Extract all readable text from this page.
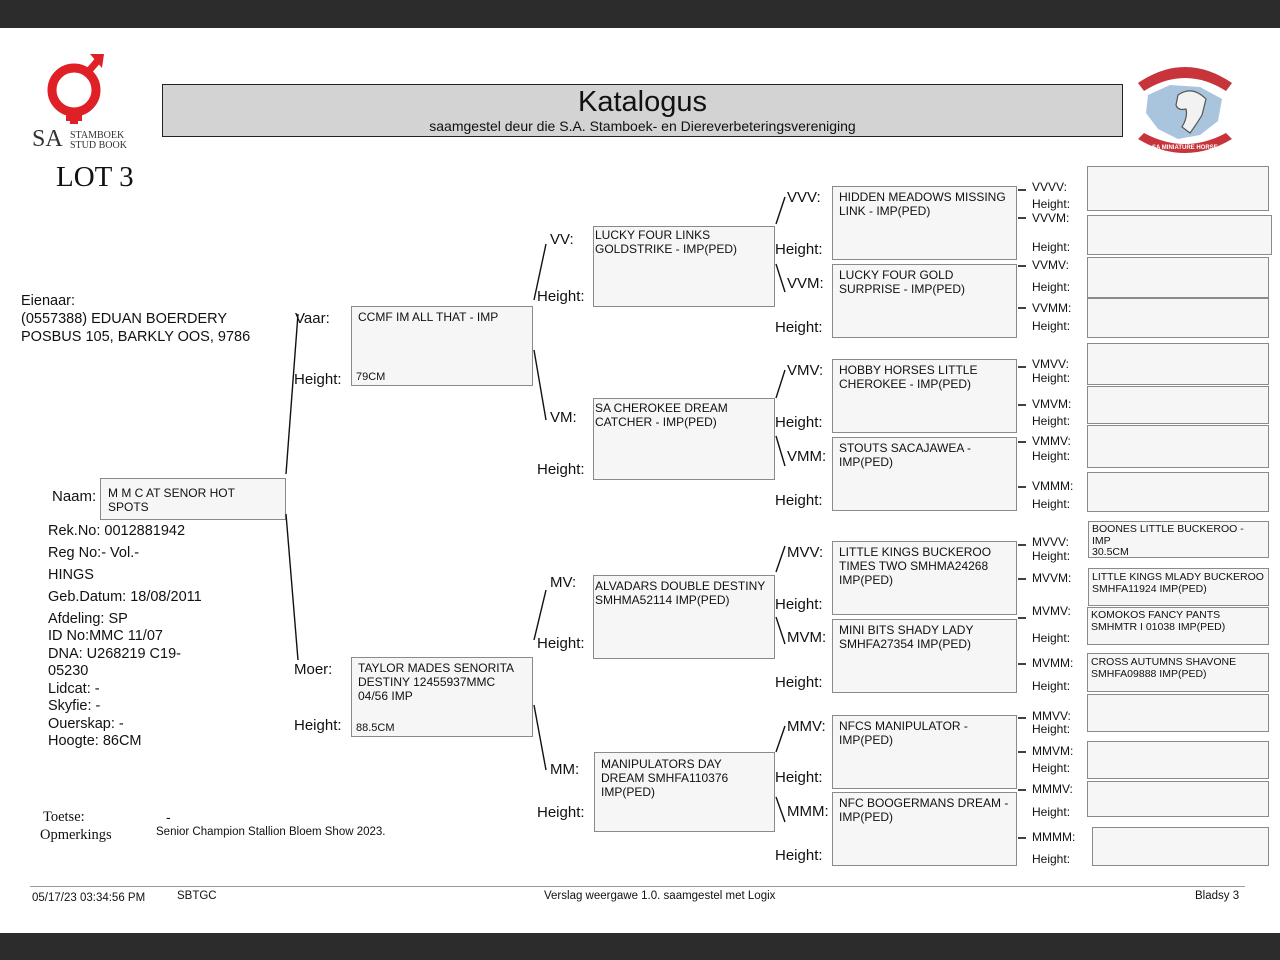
SA STAMBOEK
STUD BOOK
Katalogus
saamgestel deur die S.A. Stamboek- en Diereverbeteringsvereniging
SA MINIATUUR PERD
SA MINIATURE HORSE
LOT 3
Eienaar:
(0557388) EDUAN BOERDERY
POSBUS 105, BARKLY OOS, 9786
Naam: M M C AT SENOR HOT SPOTS
Rek.No: 0012881942
Reg No:- Vol.-
HINGS
Geb.Datum: 18/08/2011
Afdeling: SP
ID No:MMC 11/07
DNA: U268219 C19-
05230
Lidcat: -
Skyfie: -
Ouerskap: -
Hoogte: 86CM
Toetse:	-
Opmerkings	Senior Champion Stallion Bloem Show 2023.
Vaar:
Height:
CCMF IM ALL THAT - IMP
79CM
Moer:
Height:
TAYLOR MADES SENORITA DESTINY 12455937MMC 04/56 IMP
88.5CM
VV:
Height:
LUCKY FOUR LINKS GOLDSTRIKE - IMP(PED)
VM:
Height:
SA CHEROKEE DREAM CATCHER - IMP(PED)
MV:
Height:
ALVADARS DOUBLE DESTINY SMHMA52114 IMP(PED)
MM:
Height:
MANIPULATORS DAY DREAM SMHFA110376 IMP(PED)
VVV:
Height:
HIDDEN MEADOWS MISSING LINK - IMP(PED)
VVM:
Height:
LUCKY FOUR GOLD SURPRISE - IMP(PED)
VMV:
Height:
HOBBY HORSES LITTLE CHEROKEE - IMP(PED)
VMM:
Height:
STOUTS SACAJAWEA - IMP(PED)
MVV:
Height:
LITTLE KINGS BUCKEROO TIMES TWO SMHMA24268 IMP(PED)
MVM:
Height:
MINI BITS SHADY LADY SMHFA27354 IMP(PED)
MMV:
Height:
NFCS MANIPULATOR - IMP(PED)
MMM:
Height:
NFC BOOGERMANS DREAM - IMP(PED)
VVVV:
Height:
VVVM:
Height:
VVMV:
Height:
VVMM:
Height:
VMVV:
Height:
VMVM:
Height:
VMMV:
Height:
VMMM:
Height:
MVVV:
Height:
MVVM:
MVMV:
Height:
MVMM:
Height:
MMVV:
Height:
MMVM:
Height:
MMMV:
Height:
MMMM:
Height:
BOONES LITTLE BUCKEROO - IMP
30.5CM
LITTLE KINGS MLADY BUCKEROO SMHFA11924 IMP(PED)
KOMOKOS FANCY PANTS SMHMTR I 01038 IMP(PED)
CROSS AUTUMNS SHAVONE SMHFA09888 IMP(PED)
05/17/23 03:34:56 PM	SBTGC	Verslag weergawe 1.0. saamgestel met Logix	Bladsy 3
